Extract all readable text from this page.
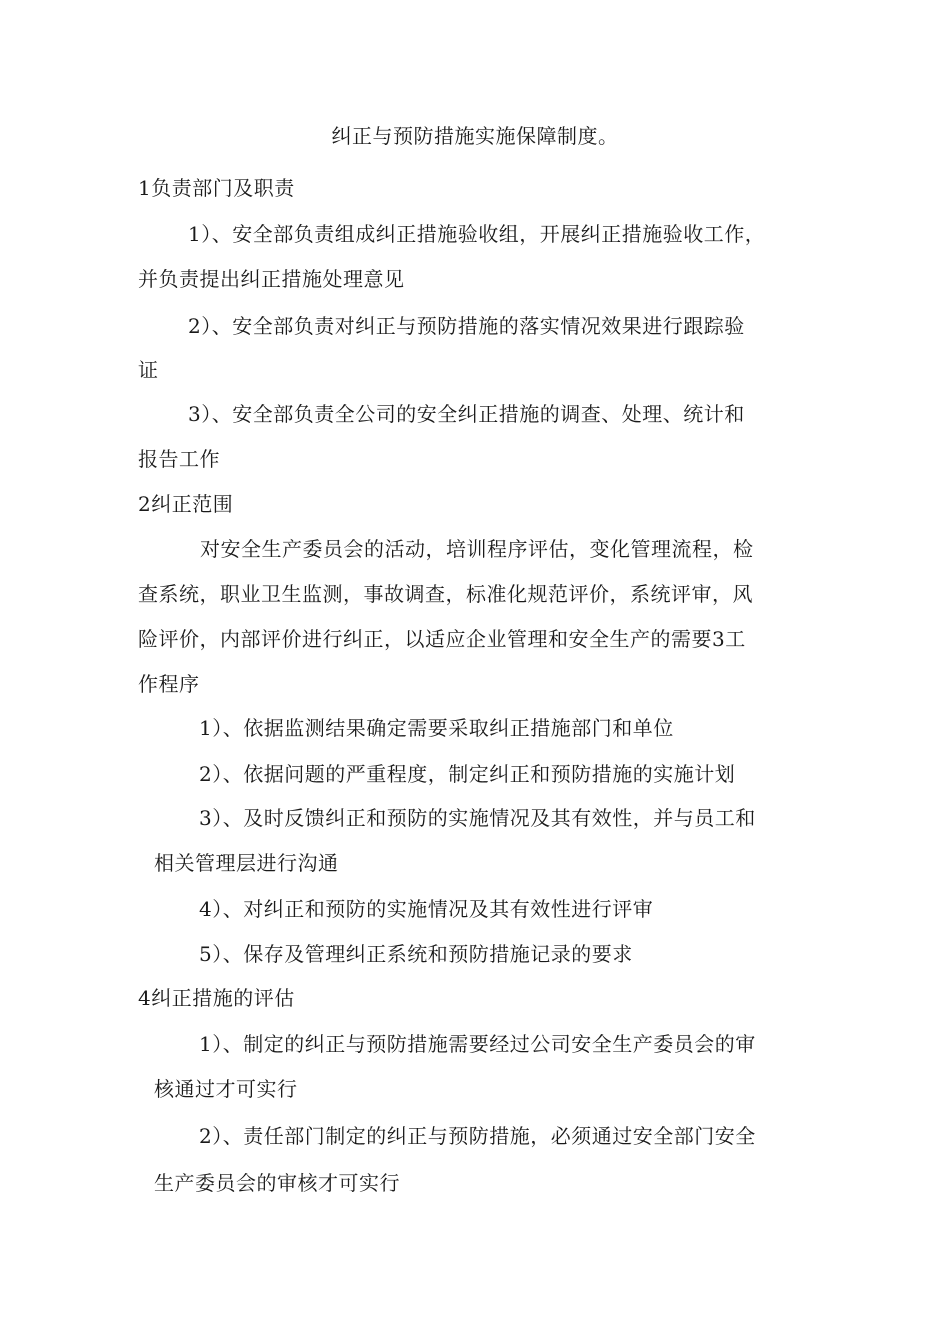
纠正与预防措施实施保障制度。
1负责部门及职责
1）、安全部负责组成纠正措施验收组，开展纠正措施验收工作，
并负责提出纠正措施处理意见
2）、安全部负责对纠正与预防措施的落实情况效果进行跟踪验
证
3）、安全部负责全公司的安全纠正措施的调查、处理、统计和
报告工作
2纠正范围
对安全生产委员会的活动，培训程序评估，变化管理流程，检
查系统，职业卫生监测，事故调查，标准化规范评价，系统评审，风
险评价，内部评价进行纠正，以适应企业管理和安全生产的需要3工
作程序
1）、依据监测结果确定需要采取纠正措施部门和单位
2）、依据问题的严重程度，制定纠正和预防措施的实施计划
3）、及时反馈纠正和预防的实施情况及其有效性，并与员工和
相关管理层进行沟通
4）、对纠正和预防的实施情况及其有效性进行评审
5）、保存及管理纠正系统和预防措施记录的要求
4纠正措施的评估
1）、制定的纠正与预防措施需要经过公司安全生产委员会的审
核通过才可实行
2）、责任部门制定的纠正与预防措施，必须通过安全部门安全
生产委员会的审核才可实行
